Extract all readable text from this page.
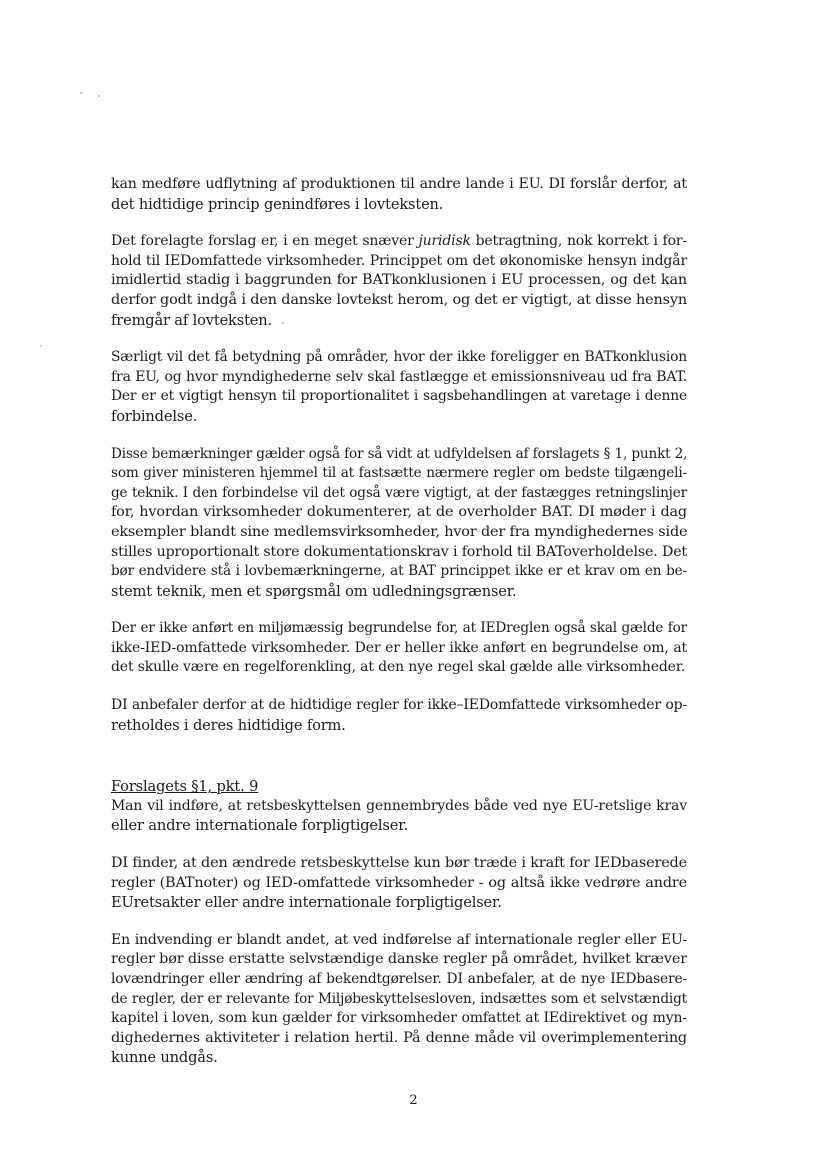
kan medføre udflytning af produktionen til andre lande i EU. DI forslår derfor, at
det hidtidige princip genindføres i lovteksten.

Det forelagte forslag er, i en meget snæver juridisk betragtning, nok korrekt i for-
hold til IEDomfattede virksomheder. Princippet om det økonomiske hensyn indgår
imidlertid stadig i baggrunden for BATkonklusionen i EU processen, og det kan
derfor godt indgå i den danske lovtekst herom, og det er vigtigt, at disse hensyn
fremgår af lovteksten.

Særligt vil det få betydning på områder, hvor der ikke foreligger en BATkonklusion
fra EU, og hvor myndighederne selv skal fastlægge et emissionsniveau ud fra BAT.
Der er et vigtigt hensyn til proportionalitet i sagsbehandlingen at varetage i denne
forbindelse.

Disse bemærkninger gælder også for så vidt at udfyldelsen af forslagets § 1, punkt 2,
som giver ministeren hjemmel til at fastsætte nærmere regler om bedste tilgængeli-
ge teknik. I den forbindelse vil det også være vigtigt, at der fastægges retningslinjer
for, hvordan virksomheder dokumenterer, at de overholder BAT. DI møder i dag
eksempler blandt sine medlemsvirksomheder, hvor der fra myndighedernes side
stilles uproportionalt store dokumentationskrav i forhold til BAToverholdelse. Det
bør endvidere stå i lovbemærkningerne, at BAT princippet ikke er et krav om en be-
stemt teknik, men et spørgsmål om udledningsgrænser.

Der er ikke anført en miljømæssig begrundelse for, at IEDreglen også skal gælde for
ikke-IED-omfattede virksomheder. Der er heller ikke anført en begrundelse om, at
det skulle være en regelforenkling, at den nye regel skal gælde alle virksomheder.

DI anbefaler derfor at de hidtidige regler for ikke–IEDomfattede virksomheder op-
retholdes i deres hidtidige form.

Forslagets §1, pkt. 9
Man vil indføre, at retsbeskyttelsen gennembrydes både ved nye EU-retslige krav
eller andre internationale forpligtigelser.

DI finder, at den ændrede retsbeskyttelse kun bør træde i kraft for IEDbaserede
regler (BATnoter) og IED-omfattede virksomheder - og altså ikke vedrøre andre
EUretsakter eller andre internationale forpligtigelser.

En indvending er blandt andet, at ved indførelse af internationale regler eller EU-
regler bør disse erstatte selvstændige danske regler på området, hvilket kræver
lovændringer eller ændring af bekendtgørelser. DI anbefaler, at de nye IEDbasere-
de regler, der er relevante for Miljøbeskyttelsesloven, indsættes som et selvstændigt
kapitel i loven, som kun gælder for virksomheder omfattet at IEdirektivet og myn-
dighedernes aktiviteter i relation hertil. På denne måde vil overimplementering
kunne undgås.

2
